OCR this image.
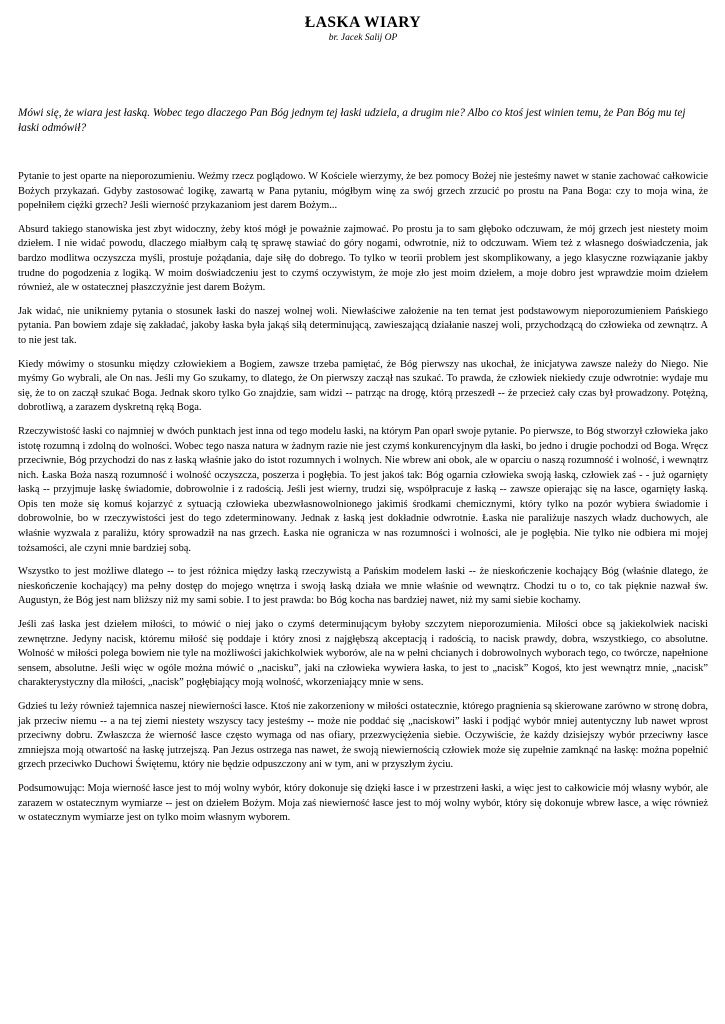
ŁASKA WIARY

br. Jacek Salij OP

Mówi się, że wiara jest łaską. Wobec tego dlaczego Pan Bóg jednym tej łaski udziela, a drugim nie? Albo co ktoś jest winien temu, że Pan Bóg mu tej łaski odmówił?

Pytanie to jest oparte na nieporozumieniu. Weźmy rzecz poglądowo. W Kościele wierzymy, że bez pomocy Bożej nie jesteśmy nawet w stanie zachować całkowicie Bożych przykazań. Gdyby zastosować logikę, zawartą w Pana pytaniu, mógłbym winę za swój grzech zrzucić po prostu na Pana Boga: czy to moja wina, że popełniłem ciężki grzech? Jeśli wierność przykazaniom jest darem Bożym...

Absurd takiego stanowiska jest zbyt widoczny, żeby ktoś mógł je poważnie zajmować. Po prostu ja to sam głęboko odczuwam, że mój grzech jest niestety moim dziełem. I nie widać powodu, dlaczego miałbym całą tę sprawę stawiać do góry nogami, odwrotnie, niż to odczuwam. Wiem też z własnego doświadczenia, jak bardzo modlitwa oczyszcza myśli, prostuje pożądania, daje siłę do dobrego. To tylko w teorii problem jest skomplikowany, a jego klasyczne rozwiązanie jakby trudne do pogodzenia z logiką. W moim doświadczeniu jest to czymś oczywistym, że moje zło jest moim dziełem, a moje dobro jest wprawdzie moim dziełem również, ale w ostatecznej płaszczyźnie jest darem Bożym.

Jak widać, nie unikniemy pytania o stosunek łaski do naszej wolnej woli. Niewłaściwe założenie na ten temat jest podstawowym nieporozumieniem Pańskiego pytania. Pan bowiem zdaje się zakładać, jakoby łaska była jakąś siłą determinującą, zawieszającą działanie naszej woli, przychodzącą do człowieka od zewnątrz. A to nie jest tak.

Kiedy mówimy o stosunku między człowiekiem a Bogiem, zawsze trzeba pamiętać, że Bóg pierwszy nas ukochał, że inicjatywa zawsze należy do Niego. Nie myśmy Go wybrali, ale On nas. Jeśli my Go szukamy, to dlatego, że On pierwszy zaczął nas szukać. To prawda, że człowiek niekiedy czuje odwrotnie: wydaje mu się, że to on zaczął szukać Boga. Jednak skoro tylko Go znajdzie, sam widzi -- patrząc na drogę, którą przeszedł -- że przecież cały czas był prowadzony. Potężną, dobrotliwą, a zarazem dyskretną ręką Boga.

Rzeczywistość łaski co najmniej w dwóch punktach jest inna od tego modelu łaski, na którym Pan oparł swoje pytanie. Po pierwsze, to Bóg stworzył człowieka jako istotę rozumną i zdolną do wolności. Wobec tego nasza natura w żadnym razie nie jest czymś konkurencyjnym dla łaski, bo jedno i drugie pochodzi od Boga. Wręcz przeciwnie, Bóg przychodzi do nas z łaską właśnie jako do istot rozumnych i wolnych. Nie wbrew ani obok, ale w oparciu o naszą rozumność i wolność, i wewnątrz nich. Łaska Boża naszą rozumność i wolność oczyszcza, poszerza i pogłębia. To jest jakoś tak: Bóg ogarnia człowieka swoją łaską, człowiek zaś - - już ogarnięty łaską -- przyjmuje łaskę świadomie, dobrowolnie i z radością. Jeśli jest wierny, trudzi się, współpracuje z łaską -- zawsze opierając się na łasce, ogarnięty łaską. Opis ten może się komuś kojarzyć z sytuacją człowieka ubezwłasnowolnionego jakimiś środkami chemicznymi, który tylko na pozór wybiera świadomie i dobrowolnie, bo w rzeczywistości jest do tego zdeterminowany. Jednak z łaską jest dokładnie odwrotnie. Łaska nie paraliżuje naszych władz duchowych, ale właśnie wyzwala z paraliżu, który sprowadził na nas grzech. Łaska nie ogranicza w nas rozumności i wolności, ale je pogłębia. Nie tylko nie odbiera mi mojej tożsamości, ale czyni mnie bardziej sobą.

Wszystko to jest możliwe dlatego -- to jest różnica między łaską rzeczywistą a Pańskim modelem łaski -- że nieskończenie kochający Bóg (właśnie dlatego, że nieskończenie kochający) ma pełny dostęp do mojego wnętrza i swoją łaską działa we mnie właśnie od wewnątrz. Chodzi tu o to, co tak pięknie nazwał św. Augustyn, że Bóg jest nam bliższy niż my sami sobie. I to jest prawda: bo Bóg kocha nas bardziej nawet, niż my sami siebie kochamy.

Jeśli zaś łaska jest dziełem miłości, to mówić o niej jako o czymś determinującym byłoby szczytem nieporozumienia. Miłości obce są jakiekolwiek naciski zewnętrzne. Jedyny nacisk, któremu miłość się poddaje i który znosi z najgłębszą akceptacją i radością, to nacisk prawdy, dobra, wszystkiego, co absolutne. Wolność w miłości polega bowiem nie tyle na możliwości jakichkolwiek wyborów, ale na w pełni chcianych i dobrowolnych wyborach tego, co twórcze, napełnione sensem, absolutne. Jeśli więc w ogóle można mówić o „nacisku”, jaki na człowieka wywiera łaska, to jest to „nacisk” Kogoś, kto jest wewnątrz mnie, „nacisk” charakterystyczny dla miłości, „nacisk” pogłębiający moją wolność, wkorzeniający mnie w sens.

Gdzieś tu leży również tajemnica naszej niewierności łasce. Ktoś nie zakorzeniony w miłości ostatecznie, którego pragnienia są skierowane zarówno w stronę dobra, jak przeciw niemu -- a na tej ziemi niestety wszyscy tacy jesteśmy -- może nie poddać się „naciskowi” łaski i podjąć wybór mniej autentyczny lub nawet wprost przeciwny dobru. Zwłaszcza że wierność łasce często wymaga od nas ofiary, przezwyciężenia siebie. Oczywiście, że każdy dzisiejszy wybór przeciwny łasce zmniejsza moją otwartość na łaskę jutrzejszą. Pan Jezus ostrzega nas nawet, że swoją niewiernością człowiek może się zupełnie zamknąć na łaskę: można popełnić grzech przeciwko Duchowi Świętemu, który nie będzie odpuszczony ani w tym, ani w przyszłym życiu.

Podsumowując: Moja wierność łasce jest to mój wolny wybór, który dokonuje się dzięki łasce i w przestrzeni łaski, a więc jest to całkowicie mój własny wybór, ale zarazem w ostatecznym wymiarze -- jest on dziełem Bożym. Moja zaś niewierność łasce jest to mój wolny wybór, który się dokonuje wbrew łasce, a więc również w ostatecznym wymiarze jest on tylko moim własnym wyborem.
